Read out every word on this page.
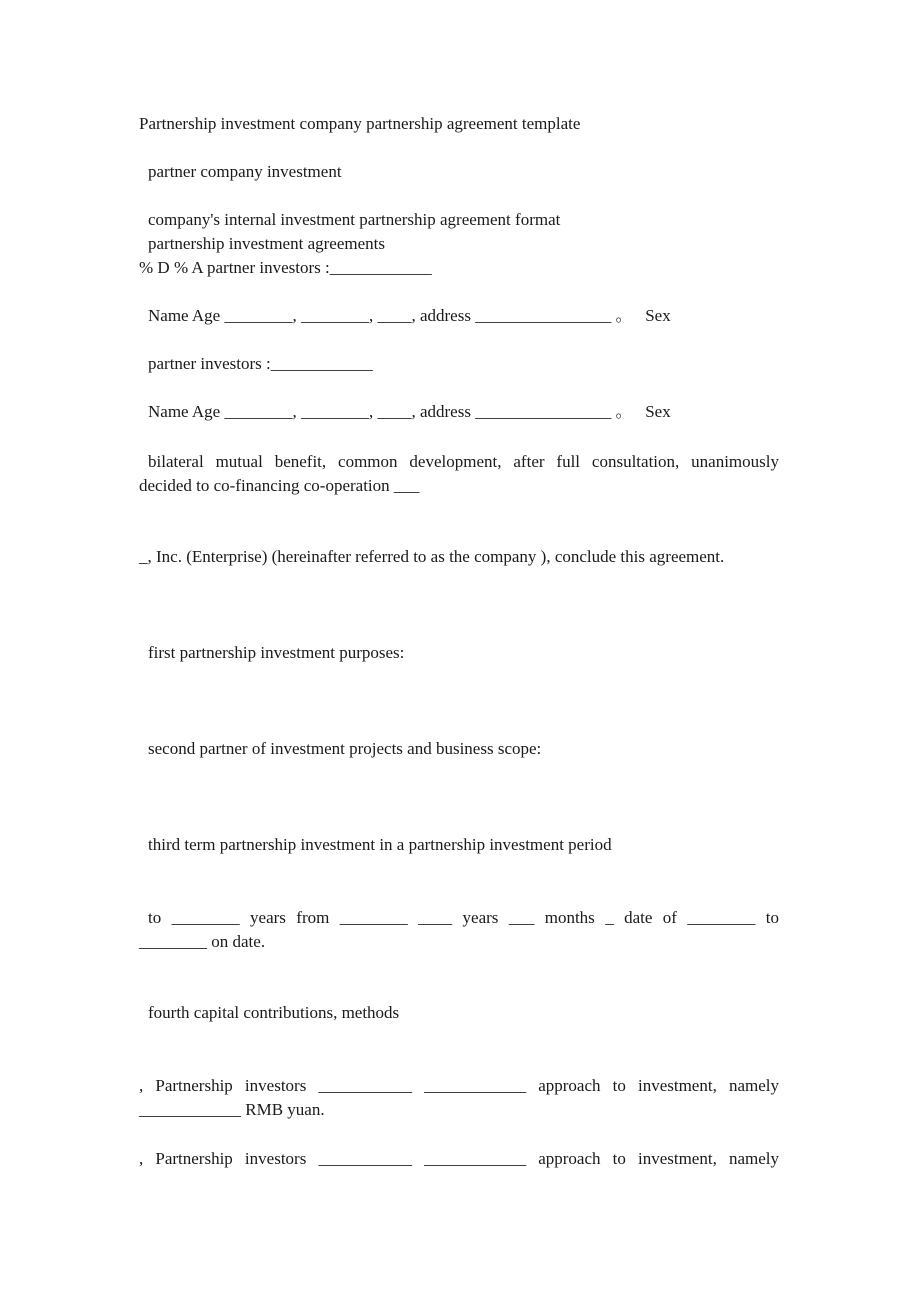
Partnership investment company partnership agreement template
partner company investment
company's internal investment partnership agreement format
partnership investment agreements
% D % A partner investors :____________
Name Age ________, ________, ____, address ________________ 。   Sex
partner investors :____________
Name Age ________, ________, ____, address ________________ 。   Sex
bilateral mutual benefit, common development, after full consultation, unanimously
decided to co-financing co-operation ___
_, Inc. (Enterprise) (hereinafter referred to as the company ), conclude this agreement.
first partnership investment purposes:
second partner of investment projects and business scope:
third term partnership investment in a partnership investment period
to ________ years from ________ ____ years ___ months _ date of ________ to
________ on date.
fourth capital contributions, methods
, Partnership investors ___________ ____________ approach to investment, namely
____________ RMB yuan.
, Partnership investors ___________ ____________ approach to investment, namely
